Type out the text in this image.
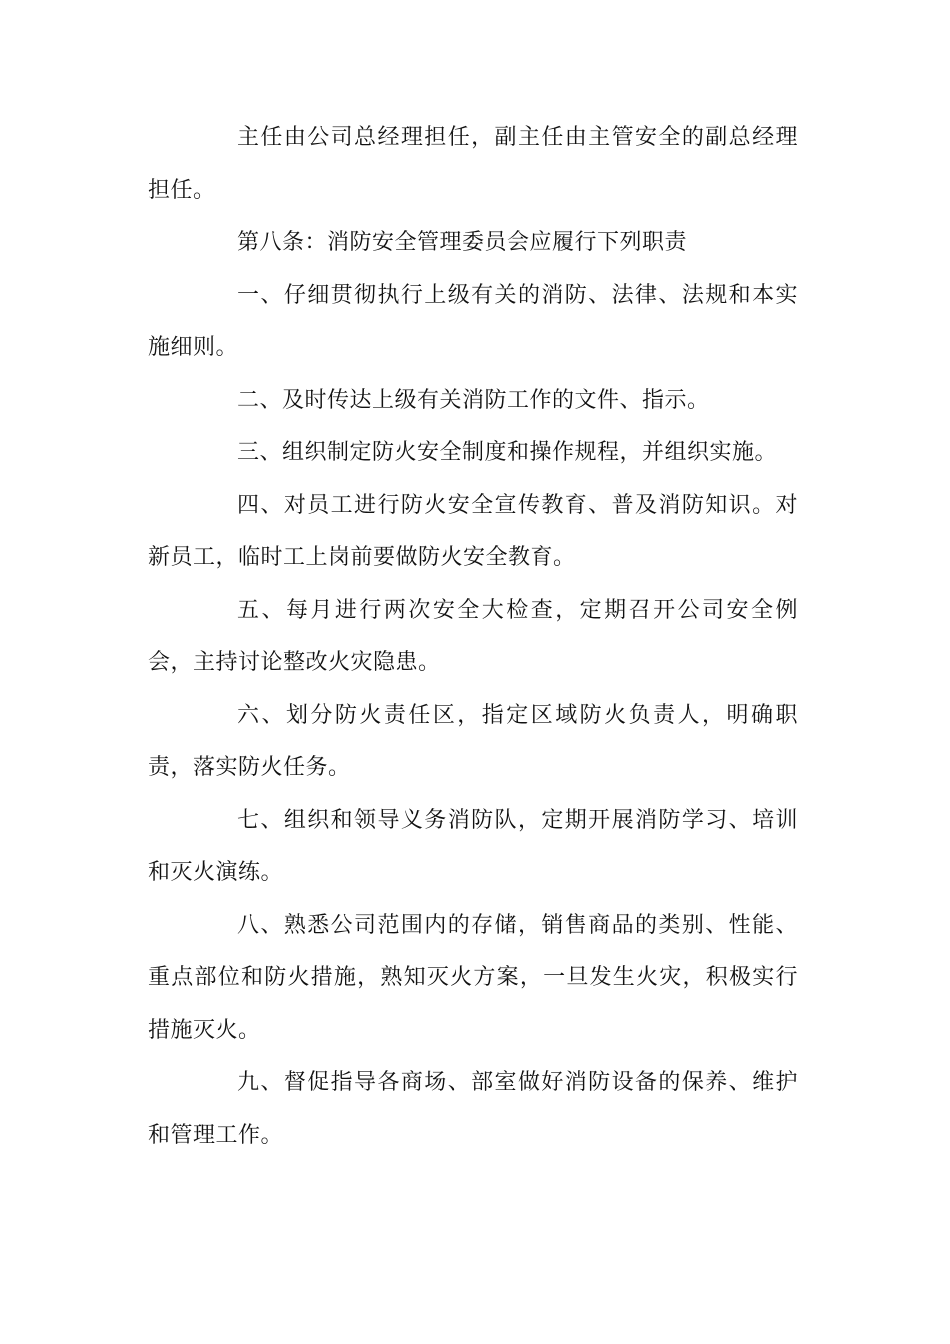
主任由公司总经理担任，副主任由主管安全的副总经理担任。

第八条：消防安全管理委员会应履行下列职责

一、仔细贯彻执行上级有关的消防、法律、法规和本实施细则。

二、及时传达上级有关消防工作的文件、指示。

三、组织制定防火安全制度和操作规程，并组织实施。

四、对员工进行防火安全宣传教育、普及消防知识。对新员工，临时工上岗前要做防火安全教育。

五、每月进行两次安全大检查，定期召开公司安全例会，主持讨论整改火灾隐患。

六、划分防火责任区，指定区域防火负责人，明确职责，落实防火任务。

七、组织和领导义务消防队，定期开展消防学习、培训和灭火演练。

八、熟悉公司范围内的存储，销售商品的类别、性能、重点部位和防火措施，熟知灭火方案，一旦发生火灾，积极实行措施灭火。

九、督促指导各商场、部室做好消防设备的保养、维护和管理工作。
